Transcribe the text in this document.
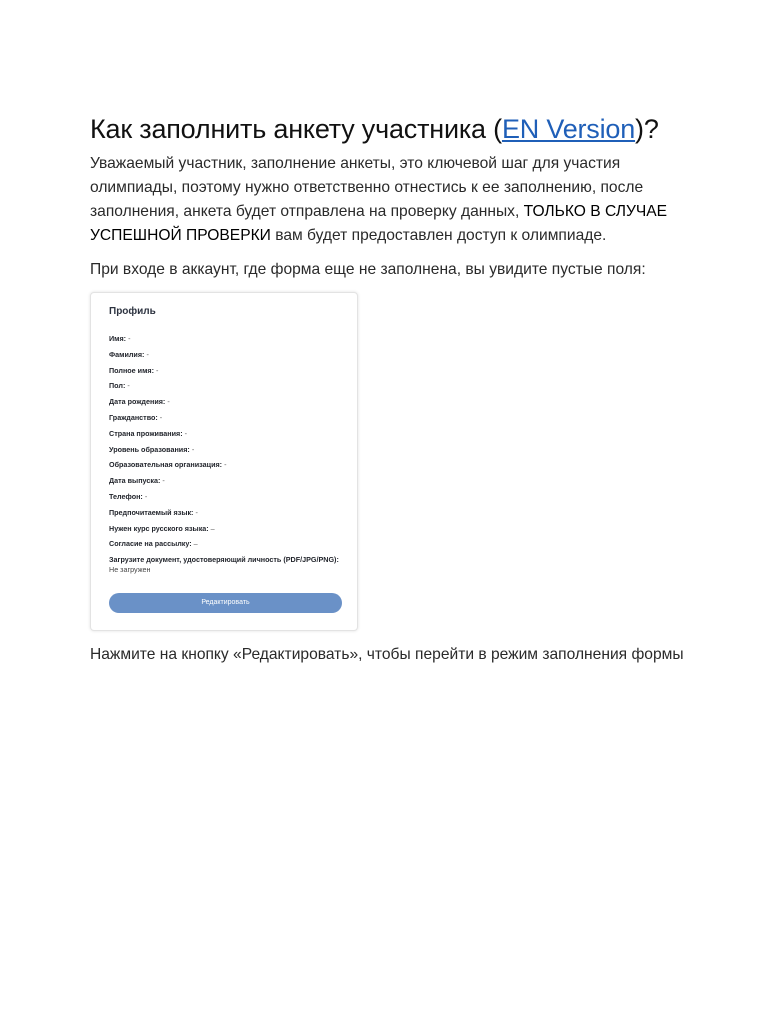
Как заполнить анкету участника (EN Version)?

Уважаемый участник, заполнение анкеты, это ключевой шаг для участия олимпиады, поэтому нужно ответственно отнестись к ее заполнению, после заполнения, анкета будет отправлена на проверку данных, ТОЛЬКО В СЛУЧАЕ УСПЕШНОЙ ПРОВЕРКИ вам будет предоставлен доступ к олимпиаде.

При входе в аккаунт, где форма еще не заполнена, вы увидите пустые поля:

Профиль
Имя: -
Фамилия: -
Полное имя: -
Пол: -
Дата рождения: -
Гражданство: -
Страна проживания: -
Уровень образования: -
Образовательная организация: -
Дата выпуска: -
Телефон: -
Предпочитаемый язык: -
Нужен курс русского языка: –
Согласие на рассылку: –
Загрузите документ, удостоверяющий личность (PDF/JPG/PNG): Не загружен
Редактировать

Нажмите на кнопку «Редактировать», чтобы перейти в режим заполнения формы
